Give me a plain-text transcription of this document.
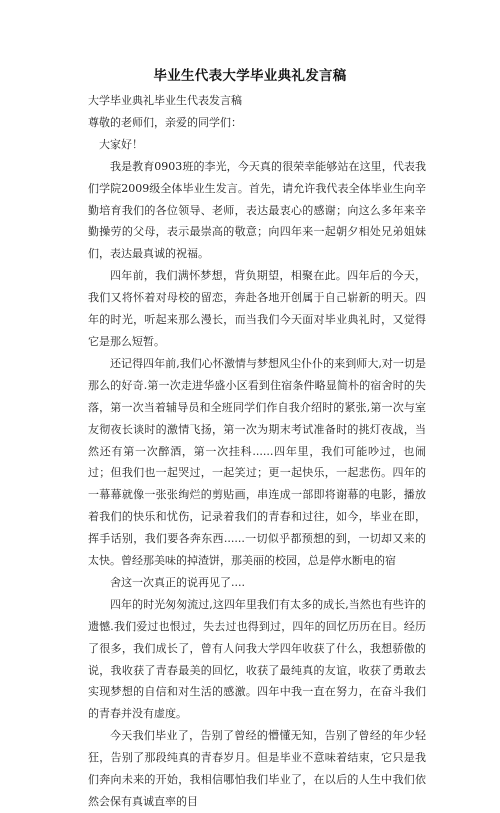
毕业生代表大学毕业典礼发言稿

大学毕业典礼毕业生代表发言稿

尊敬的老师们，亲爱的同学们：

大家好！

我是教育0903班的李光，今天真的很荣幸能够站在这里，代表我们学院2009级全体毕业生发言。首先，请允许我代表全体毕业生向辛勤培育我们的各位领导、老师，表达最衷心的感谢；向这么多年来辛勤操劳的父母，表示最崇高的敬意；向四年来一起朝夕相处兄弟姐妹们，表达最真诚的祝福。

四年前，我们满怀梦想，背负期望，相聚在此。四年后的今天，我们又将怀着对母校的留恋，奔赴各地开创属于自己崭新的明天。四年的时光，听起来那么漫长，而当我们今天面对毕业典礼时，又觉得它是那么短暂。

还记得四年前,我们心怀激情与梦想风尘仆仆的来到师大,对一切是那么的好奇.第一次走进华盛小区看到住宿条件略显简朴的宿舍时的失落，第一次当着辅导员和全班同学们作自我介绍时的紧张,第一次与室友彻夜长谈时的激情飞扬，第一次为期末考试准备时的挑灯夜战，当然还有第一次醉酒，第一次挂科......四年里，我们可能吵过，也闹过；但我们也一起哭过，一起笑过；更一起快乐，一起悲伤。四年的一幕幕就像一张张绚烂的剪贴画，串连成一部即将谢幕的电影，播放着我们的快乐和忧伤，记录着我们的青春和过往，如今，毕业在即，挥手话别，我们要各奔东西......一切似乎都预想的到，一切却又来的太快。曾经那美味的掉渣饼，那美丽的校园，总是停水断电的宿

舍这一次真正的说再见了....

四年的时光匆匆流过,这四年里我们有太多的成长,当然也有些许的遗憾.我们爱过也恨过，失去过也得到过，四年的回忆历历在目。经历了很多，我们成长了，曾有人问我大学四年收获了什么，我想骄傲的说，我收获了青春最美的回忆，收获了最纯真的友谊，收获了勇敢去实现梦想的自信和对生活的感激。四年中我一直在努力，在奋斗我们的青春并没有虚度。

今天我们毕业了，告别了曾经的懵懂无知，告别了曾经的年少轻狂，告别了那段纯真的青春岁月。但是毕业不意味着结束，它只是我们奔向未来的开始，我相信哪怕我们毕业了，在以后的人生中我们依然会保有真诚直率的目
